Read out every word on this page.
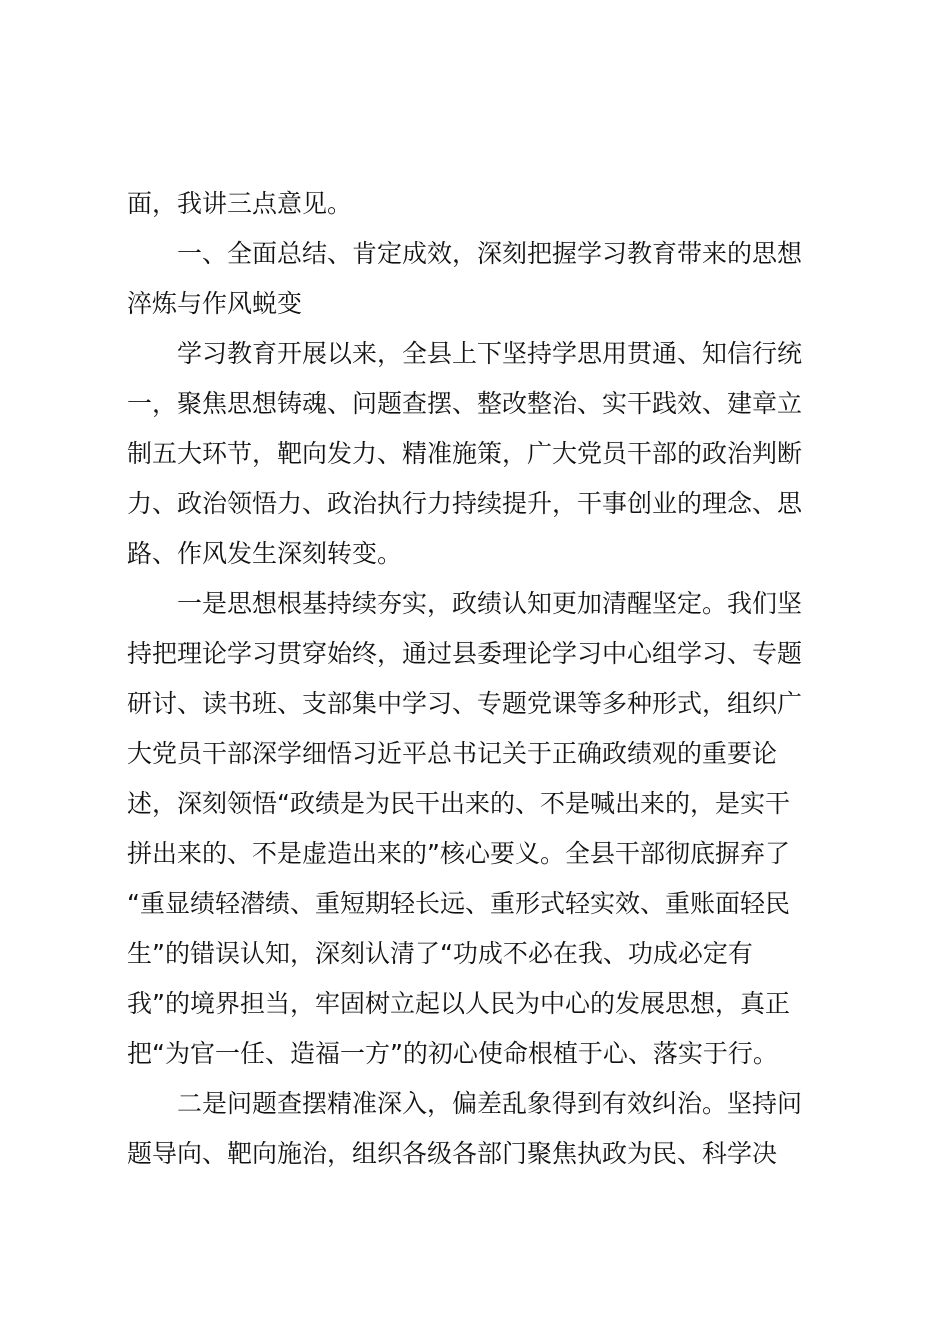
面，我讲三点意见。
一、全面总结、肯定成效，深刻把握学习教育带来的思想
淬炼与作风蜕变
学习教育开展以来，全县上下坚持学思用贯通、知信行统
一，聚焦思想铸魂、问题查摆、整改整治、实干践效、建章立
制五大环节，靶向发力、精准施策，广大党员干部的政治判断
力、政治领悟力、政治执行力持续提升，干事创业的理念、思
路、作风发生深刻转变。
一是思想根基持续夯实，政绩认知更加清醒坚定。我们坚
持把理论学习贯穿始终，通过县委理论学习中心组学习、专题
研讨、读书班、支部集中学习、专题党课等多种形式，组织广
大党员干部深学细悟习近平总书记关于正确政绩观的重要论
述，深刻领悟“政绩是为民干出来的、不是喊出来的，是实干
拼出来的、不是虚造出来的”核心要义。全县干部彻底摒弃了
“重显绩轻潜绩、重短期轻长远、重形式轻实效、重账面轻民
生”的错误认知，深刻认清了“功成不必在我、功成必定有
我”的境界担当，牢固树立起以人民为中心的发展思想，真正
把“为官一任、造福一方”的初心使命根植于心、落实于行。
二是问题查摆精准深入，偏差乱象得到有效纠治。坚持问
题导向、靶向施治，组织各级各部门聚焦执政为民、科学决
